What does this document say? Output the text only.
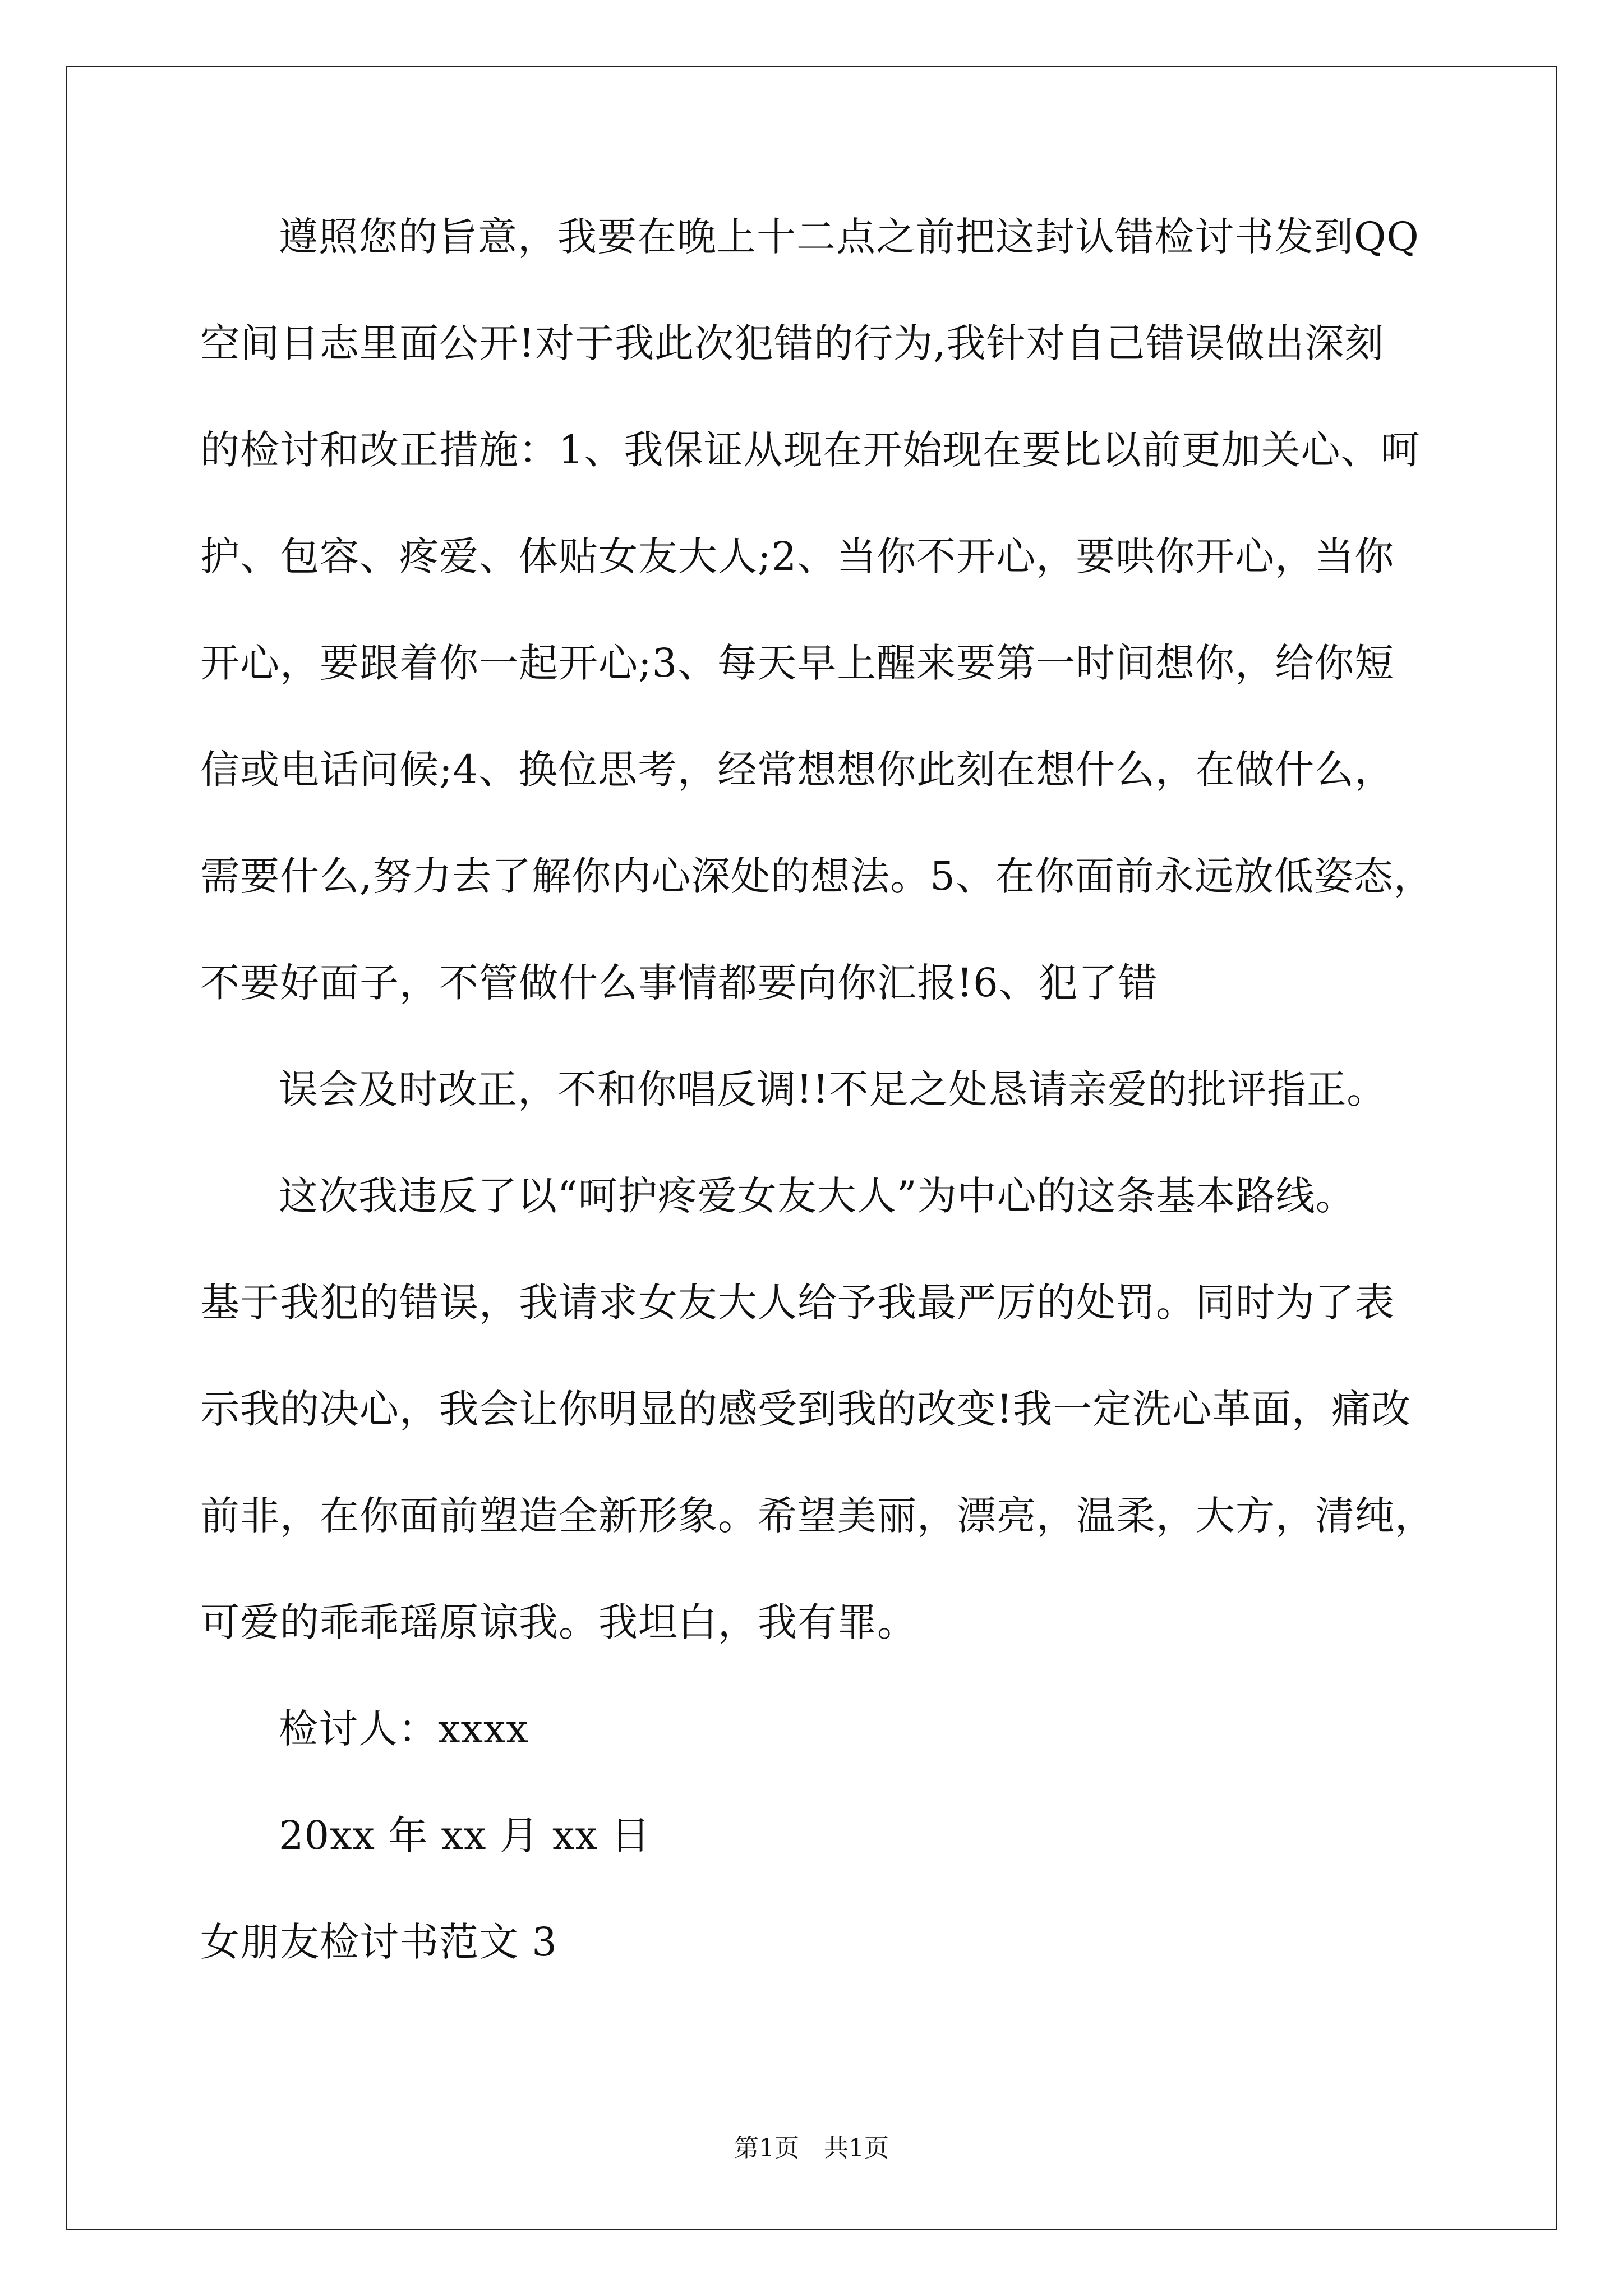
遵照您的旨意，我要在晚上十二点之前把这封认错检讨书发到QQ
空间日志里面公开!对于我此次犯错的行为,我针对自己错误做出深刻
的检讨和改正措施：1、我保证从现在开始现在要比以前更加关心、呵
护、包容、疼爱、体贴女友大人;2、当你不开心，要哄你开心，当你
开心，要跟着你一起开心;3、每天早上醒来要第一时间想你，给你短
信或电话问候;4、换位思考，经常想想你此刻在想什么，在做什么，
需要什么,努力去了解你内心深处的想法。5、在你面前永远放低姿态，
不要好面子，不管做什么事情都要向你汇报!6、犯了错
误会及时改正，不和你唱反调!!不足之处恳请亲爱的批评指正。
这次我违反了以“呵护疼爱女友大人”为中心的这条基本路线。
基于我犯的错误，我请求女友大人给予我最严厉的处罚。同时为了表
示我的决心，我会让你明显的感受到我的改变!我一定洗心革面，痛改
前非，在你面前塑造全新形象。希望美丽，漂亮，温柔，大方，清纯，
可爱的乖乖瑶原谅我。我坦白，我有罪。
检讨人：xxxx
20xx 年 xx 月 xx 日
女朋友检讨书范文 3
第1页　共1页
